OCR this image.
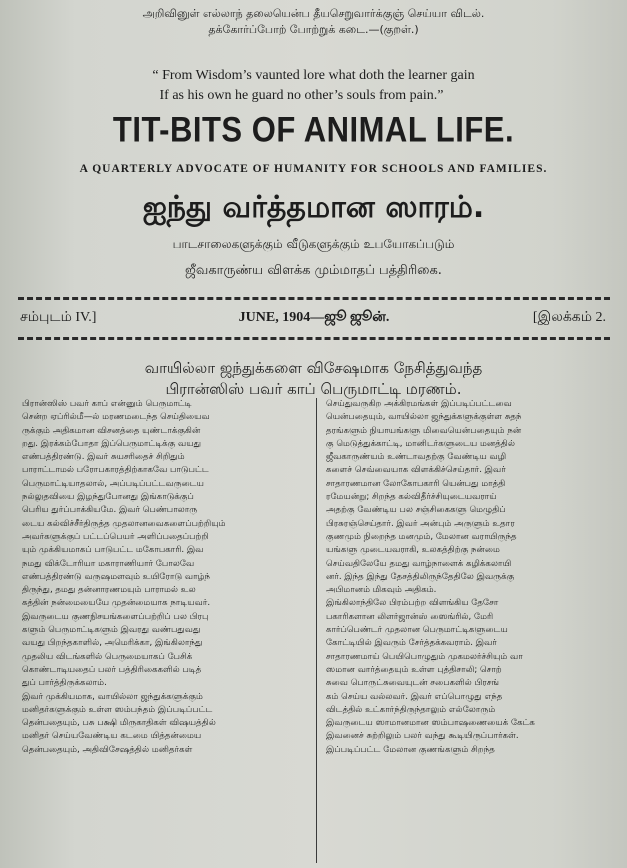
அறிவினுள் எல்லாந் தலையென்ப தீயசெறுவார்க்குஞ் செய்யா விடல்.
தக்கோர்ப்போற் போற்றுக் கடை.—(குறள்.)
“ From Wisdom’s vaunted lore what doth the learner gain
If as his own he guard no other’s souls from pain.”
TIT-BITS OF ANIMAL LIFE.
A QUARTERLY ADVOCATE OF HUMANITY FOR SCHOOLS AND FAMILIES.
ஐந்து வர்த்தமான ஸாரம்.
பாடசாலைகளுக்கும் வீடுகளுக்கும் உபயோகப்படும்
ஜீவகாருண்ய விளக்க மும்மாதப் பத்திரிகை.
சம்புடம் IV.]	JUNE, 1904—ஜூ ஜூன்.	[இலக்கம் 2.
வாயில்லா ஜந்துக்களை விசேஷமாக நேசித்துவந்த
பிரான்ஸிஸ் பவர் காப் பெருமாட்டி மரணம்.
பிரான்ஸிஸ் பவர் காப் என்னும் பெருமாட்டி
சென்ற ஏப்ரில்மீ—ல் மரணமடைந்த செய்தியைவ
ருக்கும் அதிகமான விசனத்தை யுண்டாக்குகின்
றது. இரக்கம்போதா இப்பெருமாட்டிக்கு வயது
எண்பத்திரண்டு. இவர் சுயசரிதைச் சிறிதும்
பாராட்டாமல் பரோபகாரத்திற்காகவே பாடுபட்ட
பெருமாட்டியாதலால், அப்படிப்பட்டவருடைய
நல்லுதவியை இழந்துபோனது இங்காடுக்குப்
பெரிய துர்ப்பாக்கியமே. இவர் பெண்பாலாரு
டைய கல்விச்சீர்திருத்த முதலானவைகளைப்பற்றியும்
அவர்களுக்குப் பட்டப்பெயர் அளிப்பதைப்பற்றி
யும் முக்கியமாகப் பாடுபட்ட மகோபகாரி. இவ
நமது விக்டோரியா மகாராணியார் போலவே
எண்பத்திரண்டு வருஷமளவும் உயிரோடு வாழ்ந்
திருந்து, தமது தன்னாரணமயும் பாராமல் உல
கத்தின் நன்மையையே முதன்மையாக நாடியவர்.
இவருடைய குணநிசயங்களைப்பற்றிப் பல பிரபு
களும் பெருமாட்டிகளும் இவரது வண்பதுவது
வயது பிறந்தகாளில், அமெரிக்கா, இங்கிலாந்து
முதலிய விடங்களில் பெருமையாகப் பேசிக்
கொண்டாடியதைப் பலர் பத்திரிகைகளில் படித்
துப் பார்த்திருக்கலாம்.
இவர் முக்கியமாக, வாயில்லா ஜந்துக்களுக்கும்
மனிதர்களுக்கும் உள்ள ஸம்பந்தம் இப்படிப்பட்ட
தென்பதையும், பசு பக்ஷி மிருகாதிகள் விஷயத்தில்
மனிதர் செய்யவேண்டிய கடமை யித்தன்மைய
தென்பதையும், அதிவிசேஷத்தில் மனிதர்கள்
செய்துவருகிற அக்கிரமங்கள் இப்படிப்பட்டவை
யென்பதையும், வாயில்லா ஜந்துக்களுக்குள்ள சுதந்
தரங்களும் நியாயங்களு மிவையென்பதையும் நன்
கு மெடுத்துக்காட்டி, மானிடர்களுடைய மனத்தில்
ஜீவகாருண்யம் உண்டாவதற்கு வேண்டிய வழி
களைச் செவ்வையாக விளக்கிச்செய்தார். இவர்
சாதாரணமான லோகோபகாரி யென்பது மாத்தி
ரமேயன்று; சிறந்த கல்விதீர்ச்சியுடையவராய்
அதற்கு வேண்டிய பல சஞ்சிகைகளு மெழுதிப்
பிரசுரஞ்செய்தார். இவர் அன்பும் அருளும் உதார
குணமும் நிறைந்த மனமும், மேலான வராயிருந்த
யங்களு முடையவராகி, உலகத்திற்கு நன்மை
செய்வதிலேயே தமது வாழ்நாளைக் கழிக்கலாயி
னர். இந்த இந்து தேசத்திலிருந்தேதிலே இவருக்கு
அபிமானம் மிகவும் அதிகம்.
இங்கிலாந்திலே பிரம்பற்ற விளங்கிய தேசோ
பகாரிகளான லிளர்ஜான்ஸ் ஸைங்ரில், மேரி
கார்ப்பெண்டர் முதலான பெருமாட்டிகளுடைய
கோட்டியில் இவரும் சேர்த்தக்கவராம். இவர்
சாதாரணமாய் பெயிபொழுதும் முகமலர்ச்சியும் வா
ஸமான வார்த்தையும் உள்ள புத்திசாலி; சொற்
சுவை பொருட்சுவையுடன் சபைகளில் பிரசங்
கம் செய்ய வல்லவர். இவர் எப்பொழுது எந்த
விடத்தில் உட்கார்ந்திருந்தாலும் எல்லோரும்
இவருடைய ஸாமானமான ஸம்பாஷணையைக் கேட்க
இவனைச் சுற்றிலும் பலர் வந்து கூடியிருப்பார்கள்.
இப்படிப்பட்ட மேலான குணங்களும் சிறந்த
